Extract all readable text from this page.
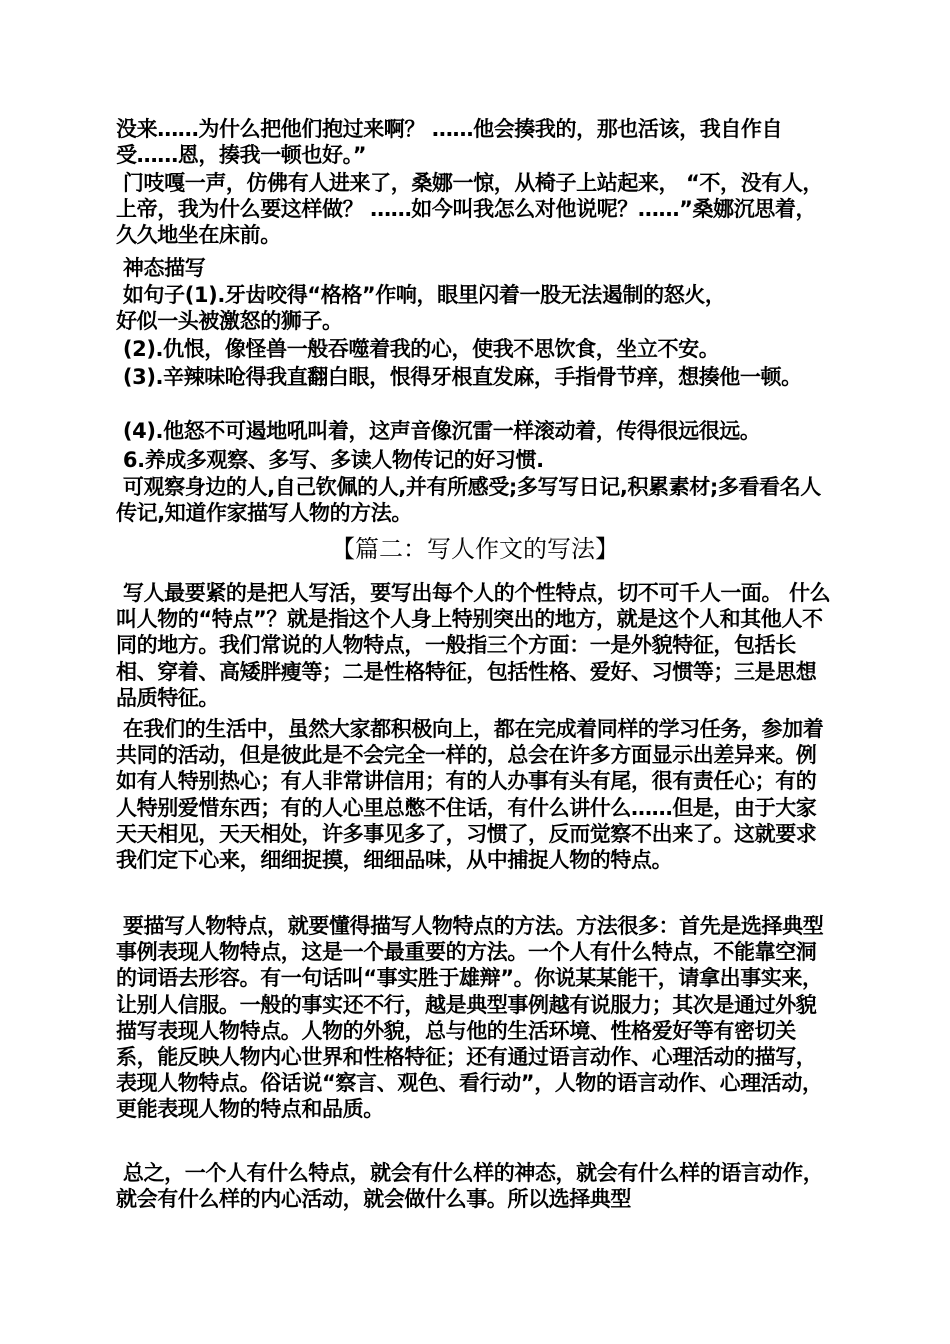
没来……为什么把他们抱过来啊？ ……他会揍我的，那也活该，我自作自受……恩，揍我一顿也好。”
门吱嘎一声，仿佛有人进来了，桑娜一惊，从椅子上站起来， “不，没有人，上帝，我为什么要这样做？ ……如今叫我怎么对他说呢？……”桑娜沉思着，久久地坐在床前。
神态描写
如句子(1).牙齿咬得“格格”作响，眼里闪着一股无法遏制的怒火，
好似一头被激怒的狮子。
(2).仇恨，像怪兽一般吞噬着我的心，使我不思饮食，坐立不安。
(3).辛辣味呛得我直翻白眼，恨得牙根直发麻，手指骨节痒，想揍他一顿。
(4).他怒不可遏地吼叫着，这声音像沉雷一样滚动着，传得很远很远。
6.养成多观察、多写、多读人物传记的好习惯.
可观察身边的人,自己钦佩的人,并有所感受;多写写日记,积累素材;多看看名人传记,知道作家描写人物的方法。
【篇二：写人作文的写法】
写人最要紧的是把人写活，要写出每个人的个性特点，切不可千人一面。 什么叫人物的“特点”？就是指这个人身上特别突出的地方，就是这个人和其他人不同的地方。我们常说的人物特点，一般指三个方面：一是外貌特征，包括长相、穿着、高矮胖瘦等；二是性格特征，包括性格、爱好、习惯等；三是思想品质特征。
在我们的生活中，虽然大家都积极向上，都在完成着同样的学习任务，参加着共同的活动，但是彼此是不会完全一样的，总会在许多方面显示出差异来。例如有人特别热心；有人非常讲信用；有的人办事有头有尾，很有责任心；有的人特别爱惜东西；有的人心里总憋不住话，有什么讲什么……但是，由于大家天天相见，天天相处，许多事见多了，习惯了，反而觉察不出来了。这就要求我们定下心来，细细捉摸，细细品味，从中捕捉人物的特点。
要描写人物特点，就要懂得描写人物特点的方法。方法很多：首先是选择典型事例表现人物特点，这是一个最重要的方法。一个人有什么特点，不能靠空洞的词语去形容。有一句话叫“事实胜于雄辩”。你说某某能干，请拿出事实来，让别人信服。一般的事实还不行，越是典型事例越有说服力；其次是通过外貌描写表现人物特点。人物的外貌，总与他的生活环境、性格爱好等有密切关系，能反映人物内心世界和性格特征；还有通过语言动作、心理活动的描写，表现人物特点。俗话说“察言、观色、看行动”，人物的语言动作、心理活动，更能表现人物的特点和品质。
总之，一个人有什么特点，就会有什么样的神态，就会有什么样的语言动作，就会有什么样的内心活动，就会做什么事。所以选择典型
